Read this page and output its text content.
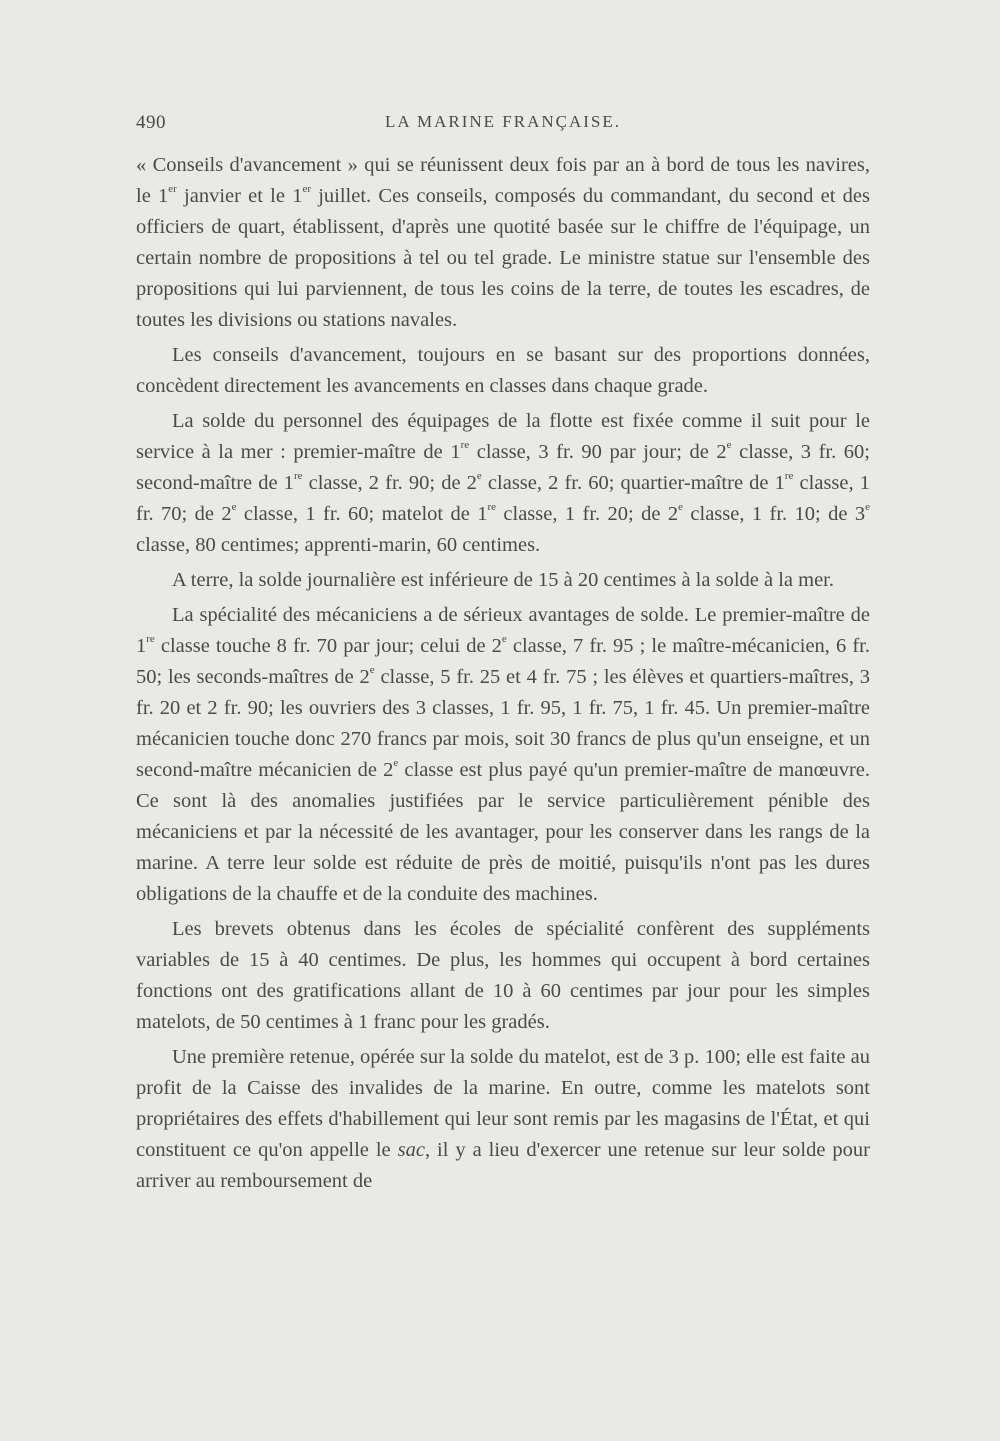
490	LA MARINE FRANÇAISE.

« Conseils d'avancement » qui se réunissent deux fois par an à bord de tous les navires, le 1er janvier et le 1er juillet. Ces conseils, composés du commandant, du second et des officiers de quart, établissent, d'après une quotité basée sur le chiffre de l'équipage, un certain nombre de propositions à tel ou tel grade. Le ministre statue sur l'ensemble des propositions qui lui parviennent, de tous les coins de la terre, de toutes les escadres, de toutes les divisions ou stations navales.

Les conseils d'avancement, toujours en se basant sur des proportions données, concèdent directement les avancements en classes dans chaque grade.

La solde du personnel des équipages de la flotte est fixée comme il suit pour le service à la mer : premier-maître de 1re classe, 3 fr. 90 par jour; de 2e classe, 3 fr. 60; second-maître de 1re classe, 2 fr. 90; de 2e classe, 2 fr. 60; quartier-maître de 1re classe, 1 fr. 70; de 2e classe, 1 fr. 60; matelot de 1re classe, 1 fr. 20; de 2e classe, 1 fr. 10; de 3e classe, 80 centimes; apprenti-marin, 60 centimes.

A terre, la solde journalière est inférieure de 15 à 20 centimes à la solde à la mer.

La spécialité des mécaniciens a de sérieux avantages de solde. Le premier-maître de 1re classe touche 8 fr. 70 par jour; celui de 2e classe, 7 fr. 95 ; le maître-mécanicien, 6 fr. 50; les seconds-maîtres de 2e classe, 5 fr. 25 et 4 fr. 75 ; les élèves et quartiers-maîtres, 3 fr. 20 et 2 fr. 90; les ouvriers des 3 classes, 1 fr. 95, 1 fr. 75, 1 fr. 45. Un premier-maître mécanicien touche donc 270 francs par mois, soit 30 francs de plus qu'un enseigne, et un second-maître mécanicien de 2e classe est plus payé qu'un premier-maître de manœuvre. Ce sont là des anomalies justifiées par le service particulièrement pénible des mécaniciens et par la nécessité de les avantager, pour les conserver dans les rangs de la marine. A terre leur solde est réduite de près de moitié, puisqu'ils n'ont pas les dures obligations de la chauffe et de la conduite des machines.

Les brevets obtenus dans les écoles de spécialité confèrent des suppléments variables de 15 à 40 centimes. De plus, les hommes qui occupent à bord certaines fonctions ont des gratifications allant de 10 à 60 centimes par jour pour les simples matelots, de 50 centimes à 1 franc pour les gradés.

Une première retenue, opérée sur la solde du matelot, est de 3 p. 100; elle est faite au profit de la Caisse des invalides de la marine. En outre, comme les matelots sont propriétaires des effets d'habillement qui leur sont remis par les magasins de l'État, et qui constituent ce qu'on appelle le sac, il y a lieu d'exercer une retenue sur leur solde pour arriver au remboursement de
